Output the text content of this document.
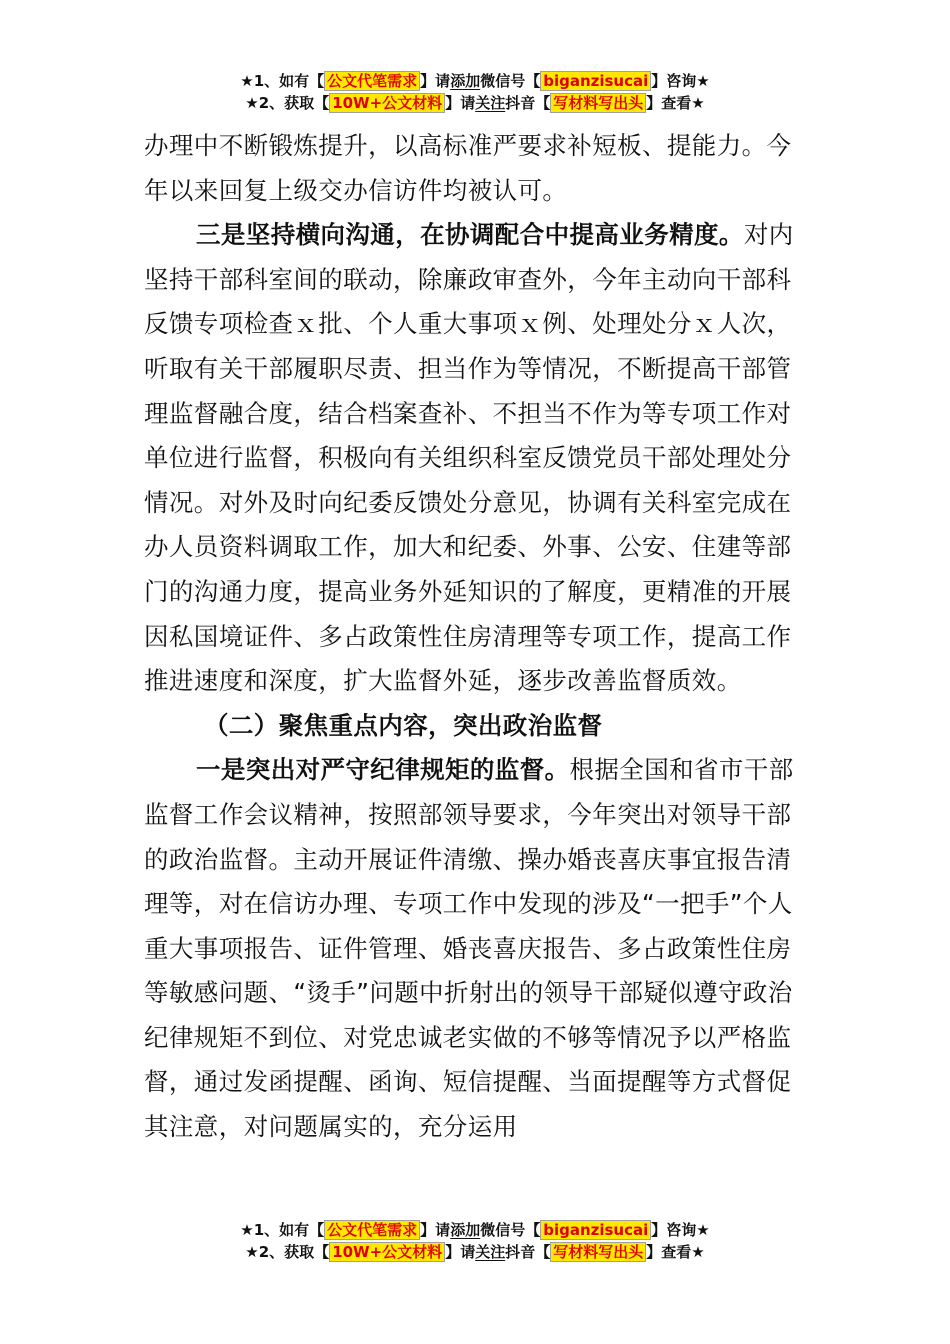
★1、如有【 公文代笔需求 】请添加微信号【 biganzisucai 】咨询★
★2、获取【 10W+公文材料 】请关注抖音【 写材料写出头 】查看★

办理中不断锻炼提升，以高标准严要求补短板、提能力。今年以来回复上级交办信访件均被认可。

三是坚持横向沟通，在协调配合中提高业务精度。对内坚持干部科室间的联动，除廉政审查外，今年主动向干部科反馈专项检查ｘ批、个人重大事项ｘ例、处理处分ｘ人次，听取有关干部履职尽责、担当作为等情况，不断提高干部管理监督融合度，结合档案查补、不担当不作为等专项工作对单位进行监督，积极向有关组织科室反馈党员干部处理处分情况。对外及时向纪委反馈处分意见，协调有关科室完成在办人员资料调取工作，加大和纪委、外事、公安、住建等部门的沟通力度，提高业务外延知识的了解度，更精准的开展因私国境证件、多占政策性住房清理等专项工作，提高工作推进速度和深度，扩大监督外延，逐步改善监督质效。

（二）聚焦重点内容，突出政治监督

一是突出对严守纪律规矩的监督。根据全国和省市干部监督工作会议精神，按照部领导要求，今年突出对领导干部的政治监督。主动开展证件清缴、操办婚丧喜庆事宜报告清理等，对在信访办理、专项工作中发现的涉及“一把手”个人重大事项报告、证件管理、婚丧喜庆报告、多占政策性住房等敏感问题、“烫手”问题中折射出的领导干部疑似遵守政治纪律规矩不到位、对党忠诚老实做的不够等情况予以严格监督，通过发函提醒、函询、短信提醒、当面提醒等方式督促其注意，对问题属实的，充分运用

★1、如有【 公文代笔需求 】请添加微信号【 biganzisucai 】咨询★
★2、获取【 10W+公文材料 】请关注抖音【 写材料写出头 】查看★
